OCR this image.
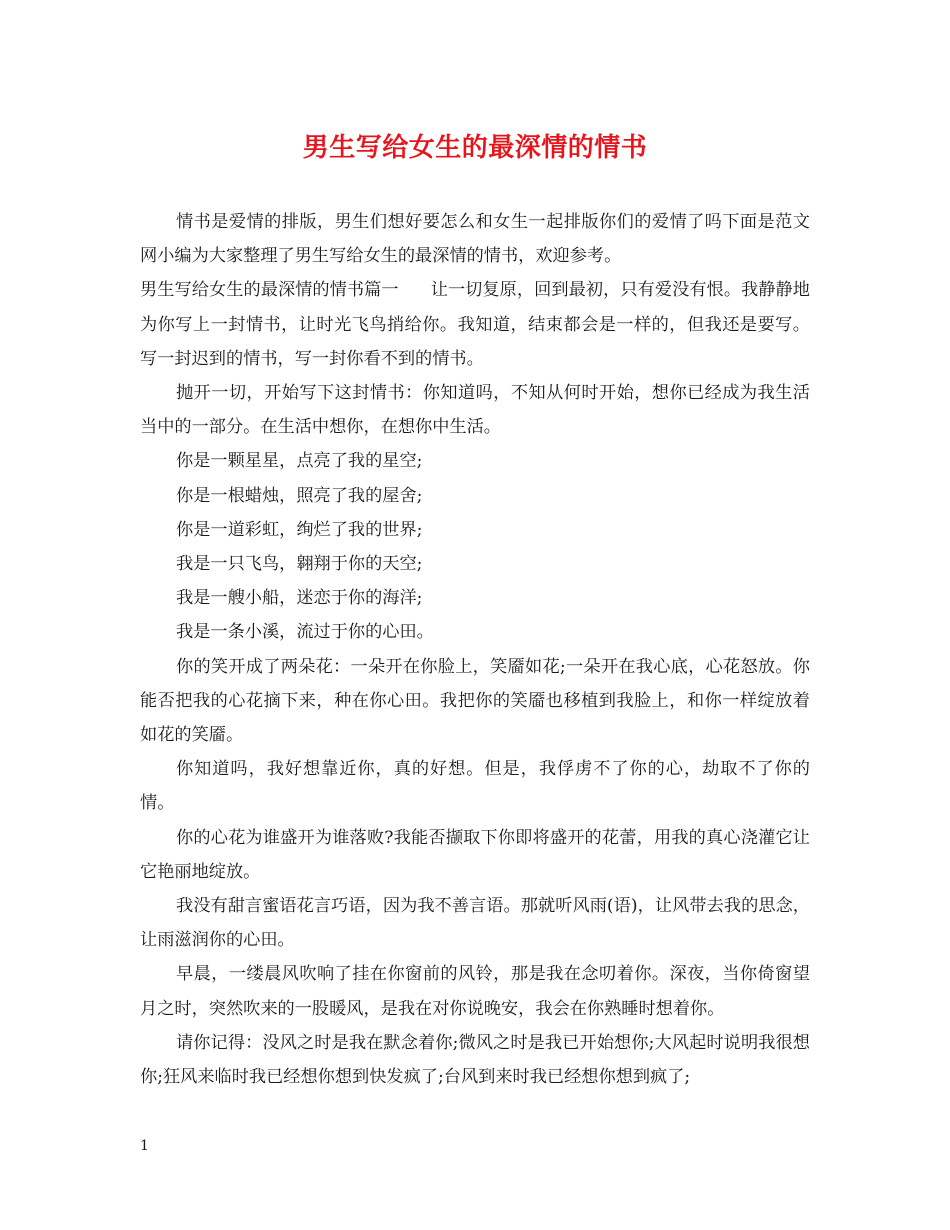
男生写给女生的最深情的情书

情书是爱情的排版，男生们想好要怎么和女生一起排版你们的爱情了吗下面是范文网小编为大家整理了男生写给女生的最深情的情书，欢迎参考。

男生写给女生的最深情的情书篇一 让一切复原，回到最初，只有爱没有恨。我静静地为你写上一封情书，让时光飞鸟捎给你。我知道，结束都会是一样的，但我还是要写。写一封迟到的情书，写一封你看不到的情书。

抛开一切，开始写下这封情书：你知道吗，不知从何时开始，想你已经成为我生活当中的一部分。在生活中想你，在想你中生活。

你是一颗星星，点亮了我的星空;

你是一根蜡烛，照亮了我的屋舍;

你是一道彩虹，绚烂了我的世界;

我是一只飞鸟，翱翔于你的天空;

我是一艘小船，迷恋于你的海洋;

我是一条小溪，流过于你的心田。

你的笑开成了两朵花：一朵开在你脸上，笑靥如花;一朵开在我心底，心花怒放。你能否把我的心花摘下来，种在你心田。我把你的笑靥也移植到我脸上，和你一样绽放着如花的笑靥。

你知道吗，我好想靠近你，真的好想。但是，我俘虏不了你的心，劫取不了你的情。

你的心花为谁盛开为谁落败?我能否撷取下你即将盛开的花蕾，用我的真心浇灌它让它艳丽地绽放。

我没有甜言蜜语花言巧语，因为我不善言语。那就听风雨(语)，让风带去我的思念，让雨滋润你的心田。

早晨，一缕晨风吹响了挂在你窗前的风铃，那是我在念叨着你。深夜，当你倚窗望月之时，突然吹来的一股暖风，是我在对你说晚安，我会在你熟睡时想着你。

请你记得：没风之时是我在默念着你;微风之时是我已开始想你;大风起时说明我很想你;狂风来临时我已经想你想到快发疯了;台风到来时我已经想你想到疯了;

1
